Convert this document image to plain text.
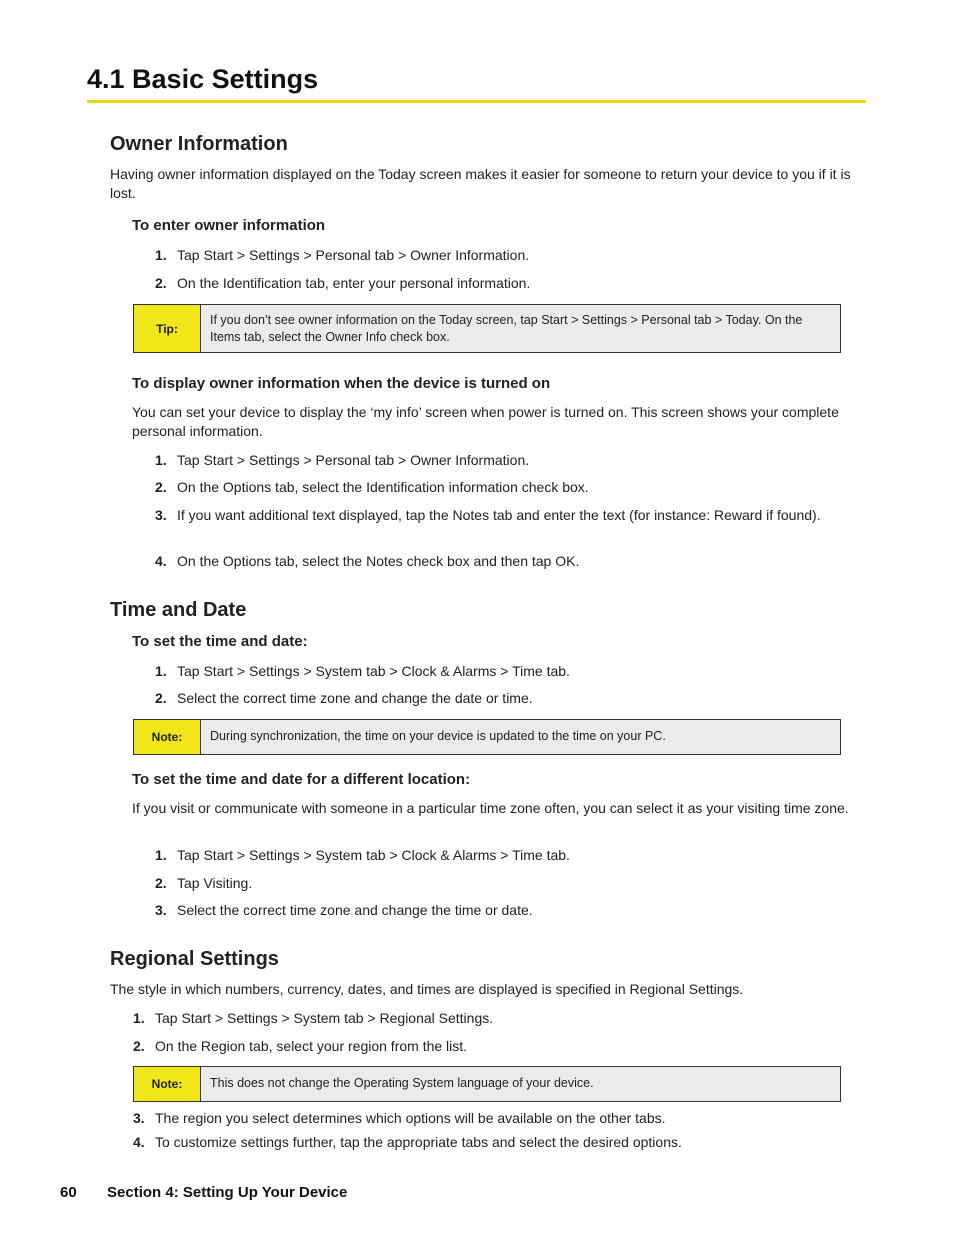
4.1 Basic Settings
Owner Information
Having owner information displayed on the Today screen makes it easier for someone to return your device to you if it is lost.
To enter owner information
1. Tap Start > Settings > Personal tab > Owner Information.
2. On the Identification tab, enter your personal information.
Tip:
If you don’t see owner information on the Today screen, tap Start > Settings > Personal tab > Today. On the Items tab, select the Owner Info check box.
To display owner information when the device is turned on
You can set your device to display the ‘my info’ screen when power is turned on. This screen shows your complete personal information.
1. Tap Start > Settings > Personal tab > Owner Information.
2. On the Options tab, select the Identification information check box.
3. If you want additional text displayed, tap the Notes tab and enter the text (for instance: Reward if found).
4. On the Options tab, select the Notes check box and then tap OK.
Time and Date
To set the time and date:
1. Tap Start > Settings > System tab > Clock & Alarms > Time tab.
2. Select the correct time zone and change the date or time.
Note:	During synchronization, the time on your device is updated to the time on your PC.
To set the time and date for a different location:
If you visit or communicate with someone in a particular time zone often, you can select it as your visiting time zone.
1. Tap Start > Settings > System tab > Clock & Alarms > Time tab.
2. Tap Visiting.
3. Select the correct time zone and change the time or date.
Regional Settings
The style in which numbers, currency, dates, and times are displayed is specified in Regional Settings.
1. Tap Start > Settings > System tab > Regional Settings.
2. On the Region tab, select your region from the list.
Note:	This does not change the Operating System language of your device.
3. The region you select determines which options will be available on the other tabs.
4. To customize settings further, tap the appropriate tabs and select the desired options.
60 Section 4: Setting Up Your Device
